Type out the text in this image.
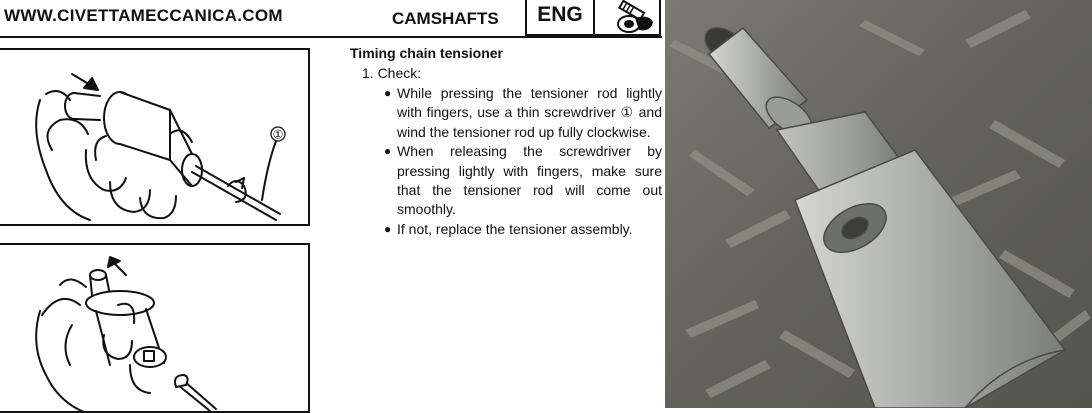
WWW.CIVETTAMECCANICA.COM	CAMSHAFTS	ENG
①
Timing chain tensioner
1. Check:
● While pressing the tensioner rod lightly with fingers, use a thin screwdriver ① and wind the tensioner rod up fully clockwise.
● When releasing the screwdriver by pressing lightly with fingers, make sure that the tensioner rod will come out smoothly.
● If not, replace the tensioner assembly.
